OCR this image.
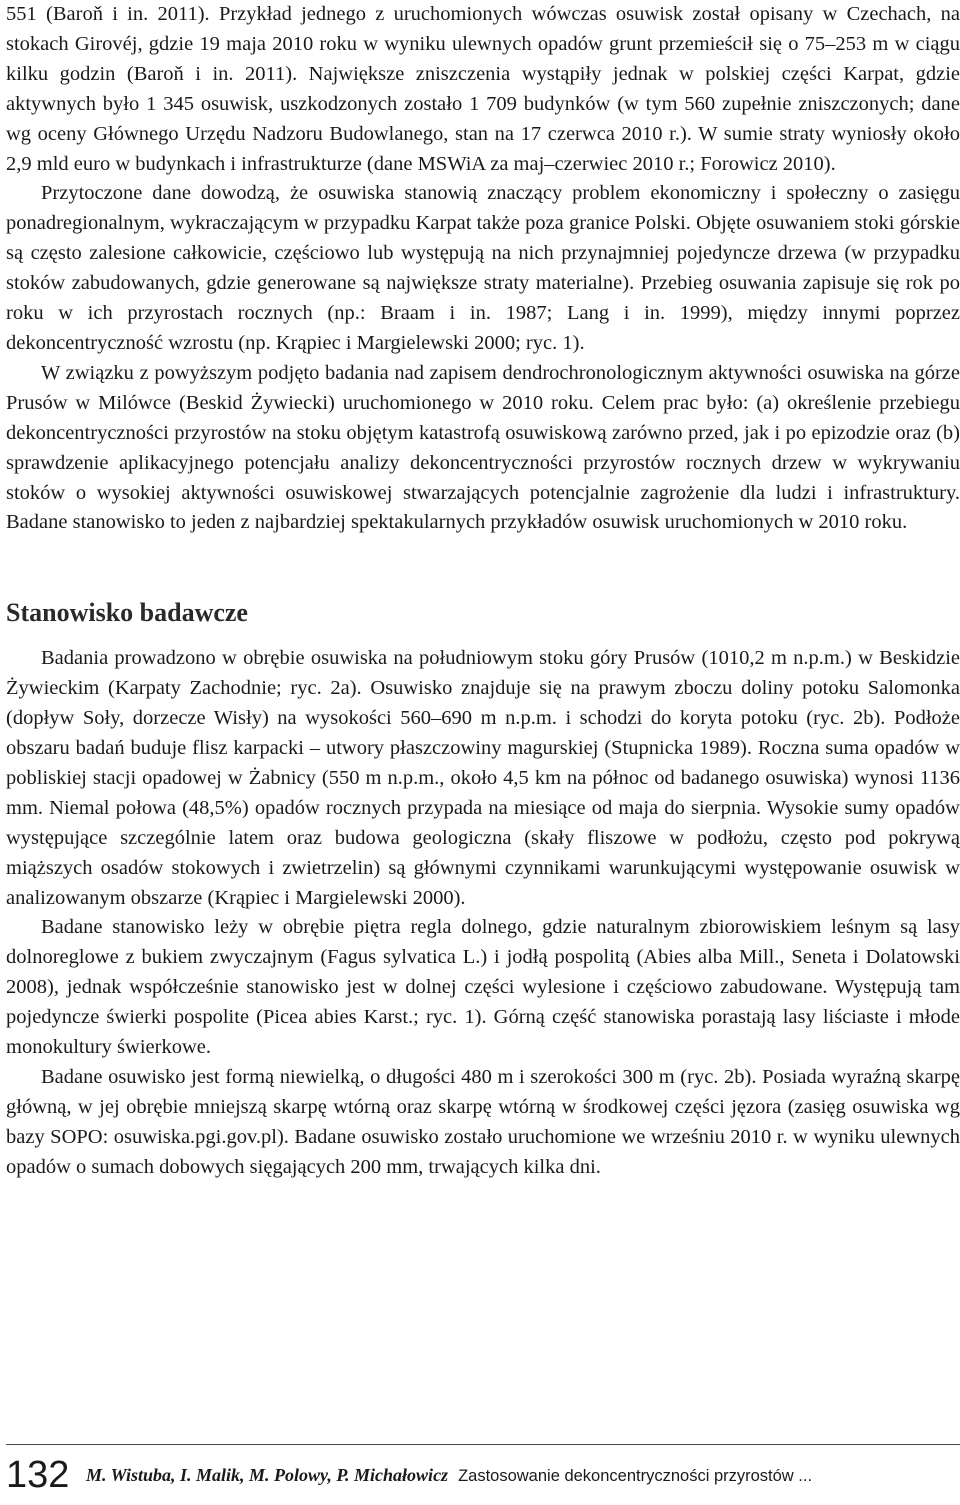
551 (Baroň i in. 2011). Przykład jednego z uruchomionych wówczas osuwisk został opisany w Czechach, na stokach Girovéj, gdzie 19 maja 2010 roku w wyniku ulewnych opadów grunt przemieścił się o 75–253 m w ciągu kilku godzin (Baroň i in. 2011). Największe zniszczenia wystąpiły jednak w polskiej części Karpat, gdzie aktywnych było 1 345 osuwisk, uszkodzonych zostało 1 709 budynków (w tym 560 zupełnie zniszczonych; dane wg oceny Głównego Urzędu Nadzoru Budowlanego, stan na 17 czerwca 2010 r.). W sumie straty wyniosły około 2,9 mld euro w budynkach i infrastrukturze (dane MSWiA za maj–czerwiec 2010 r.; Forowicz 2010).

Przytoczone dane dowodzą, że osuwiska stanowią znaczący problem ekonomiczny i społeczny o zasięgu ponadregionalnym, wykraczającym w przypadku Karpat także poza granice Polski. Objęte osuwaniem stoki górskie są często zalesione całkowicie, częściowo lub występują na nich przynajmniej pojedyncze drzewa (w przypadku stoków zabudowanych, gdzie generowane są największe straty materialne). Przebieg osuwania zapisuje się rok po roku w ich przyrostach rocznych (np.: Braam i in. 1987; Lang i in. 1999), między innymi poprzez dekoncentryczność wzrostu (np. Krąpiec i Margielewski 2000; ryc. 1).

W związku z powyższym podjęto badania nad zapisem dendrochronologicznym aktywności osuwiska na górze Prusów w Milówce (Beskid Żywiecki) uruchomionego w 2010 roku. Celem prac było: (a) określenie przebiegu dekoncentryczności przyrostów na stoku objętym katastrofą osuwiskową zarówno przed, jak i po epizodzie oraz (b) sprawdzenie aplikacyjnego potencjału analizy dekoncentryczności przyrostów rocznych drzew w wykrywaniu stoków o wysokiej aktywności osuwiskowej stwarzających potencjalnie zagrożenie dla ludzi i infrastruktury. Badane stanowisko to jeden z najbardziej spektakularnych przykładów osuwisk uruchomionych w 2010 roku.

Stanowisko badawcze

Badania prowadzono w obrębie osuwiska na południowym stoku góry Prusów (1010,2 m n.p.m.) w Beskidzie Żywieckim (Karpaty Zachodnie; ryc. 2a). Osuwisko znajduje się na prawym zboczu doliny potoku Salomonka (dopływ Soły, dorzecze Wisły) na wysokości 560–690 m n.p.m. i schodzi do koryta potoku (ryc. 2b). Podłoże obszaru badań buduje flisz karpacki – utwory płaszczowiny magurskiej (Stupnicka 1989). Roczna suma opadów w pobliskiej stacji opadowej w Żabnicy (550 m n.p.m., około 4,5 km na północ od badanego osuwiska) wynosi 1136 mm. Niemal połowa (48,5%) opadów rocznych przypada na miesiące od maja do sierpnia. Wysokie sumy opadów występujące szczególnie latem oraz budowa geologiczna (skały fliszowe w podłożu, często pod pokrywą miąższych osadów stokowych i zwietrzelin) są głównymi czynnikami warunkującymi występowanie osuwisk w analizowanym obszarze (Krąpiec i Margielewski 2000).

Badane stanowisko leży w obrębie piętra regla dolnego, gdzie naturalnym zbiorowiskiem leśnym są lasy dolnoreglowe z bukiem zwyczajnym (Fagus sylvatica L.) i jodłą pospolitą (Abies alba Mill., Seneta i Dolatowski 2008), jednak współcześnie stanowisko jest w dolnej części wylesione i częściowo zabudowane. Występują tam pojedyncze świerki pospolite (Picea abies Karst.; ryc. 1). Górną część stanowiska porastają lasy liściaste i młode monokultury świerkowe.

Badane osuwisko jest formą niewielką, o długości 480 m i szerokości 300 m (ryc. 2b). Posiada wyraźną skarpę główną, w jej obrębie mniejszą skarpę wtórną oraz skarpę wtórną w środkowej części jęzora (zasięg osuwiska wg bazy SOPO: osuwiska.pgi.gov.pl). Badane osuwisko zostało uruchomione we wrześniu 2010 r. w wyniku ulewnych opadów o sumach dobowych sięgających 200 mm, trwających kilka dni.

132 M. Wistuba, I. Malik, M. Polowy, P. Michałowicz Zastosowanie dekoncentryczności przyrostów ...
